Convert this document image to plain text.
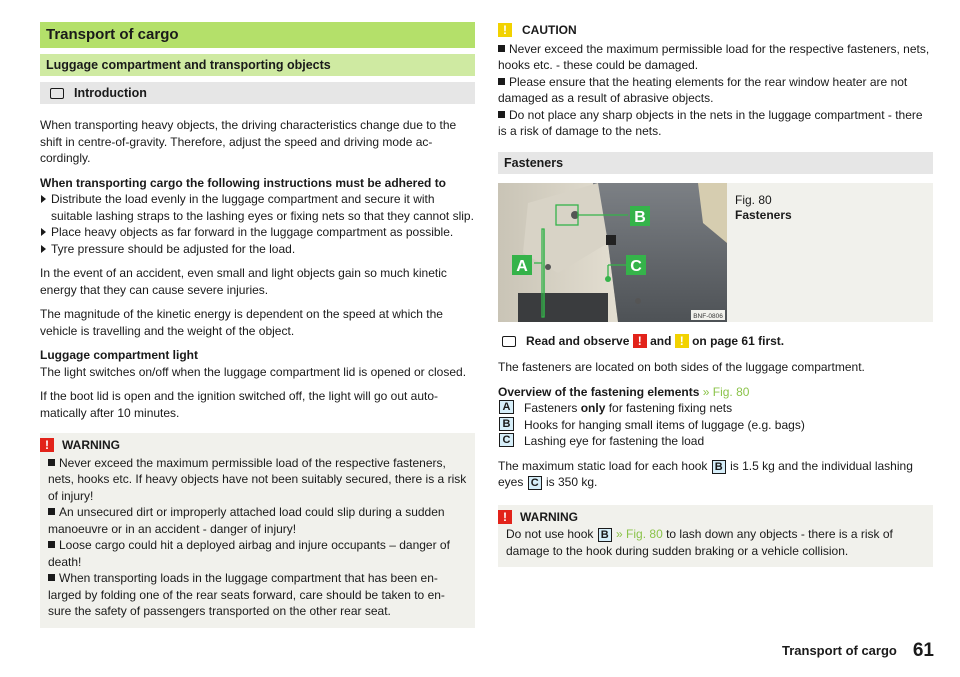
Transport of cargo
Luggage compartment and transporting objects
Introduction

When transporting heavy objects, the driving characteristics change due to the shift in centre-of-gravity. Therefore, adjust the speed and driving mode ac-cordingly.

When transporting cargo the following instructions must be adhered to

Distribute the load evenly in the luggage compartment and secure it with suitable lashing straps to the lashing eyes or fixing nets so that they cannot slip.
Place heavy objects as far forward in the luggage compartment as possible.
Tyre pressure should be adjusted for the load.

In the event of an accident, even small and light objects gain so much kinetic energy that they can cause severe injuries.

The magnitude of the kinetic energy is dependent on the speed at which the vehicle is travelling and the weight of the object.

Luggage compartment light

The light switches on/off when the luggage compartment lid is opened or closed.

If the boot lid is open and the ignition switched off, the light will go out auto-matically after 10 minutes.

!	WARNING
Never exceed the maximum permissible load of the respective fasteners, nets, hooks etc. If heavy objects have not been suitably secured, there is a risk of injury!
An unsecured dirt or improperly attached load could slip during a sudden manoeuvre or in an accident - danger of injury!
Loose cargo could hit a deployed airbag and injure occupants – danger of death!
When transporting loads in the luggage compartment that has been en-larged by folding one of the rear seats forward, care should be taken to en-sure the safety of passengers transported on the other rear seat.
!	CAUTION
Never exceed the maximum permissible load for the respective fasteners, nets, hooks etc. - these could be damaged.
Please ensure that the heating elements for the rear window heater are not damaged as a result of abrasive objects.
Do not place any sharp objects in the nets in the luggage compartment - there is a risk of damage to the nets.
Fasteners
B
A	C
BNF-0806
Fig. 80
Fasteners
Read and observe
!
and
!
on page 61 first.

The fasteners are located on both sides of the luggage compartment.

Overview of the fastening elements » Fig. 80

A Fasteners only for fastening fixing nets
B Hooks for hanging small items of luggage (e.g. bags)
C Lashing eye for fastening the load

The maximum static load for each hook B is 1.5 kg and the individual lashing eyes C is 350 kg.

!	WARNING

Do not use hook B » Fig. 80 to lash down any objects - there is a risk of damage to the hook during sudden braking or a vehicle collision.

Transport of cargo 61
